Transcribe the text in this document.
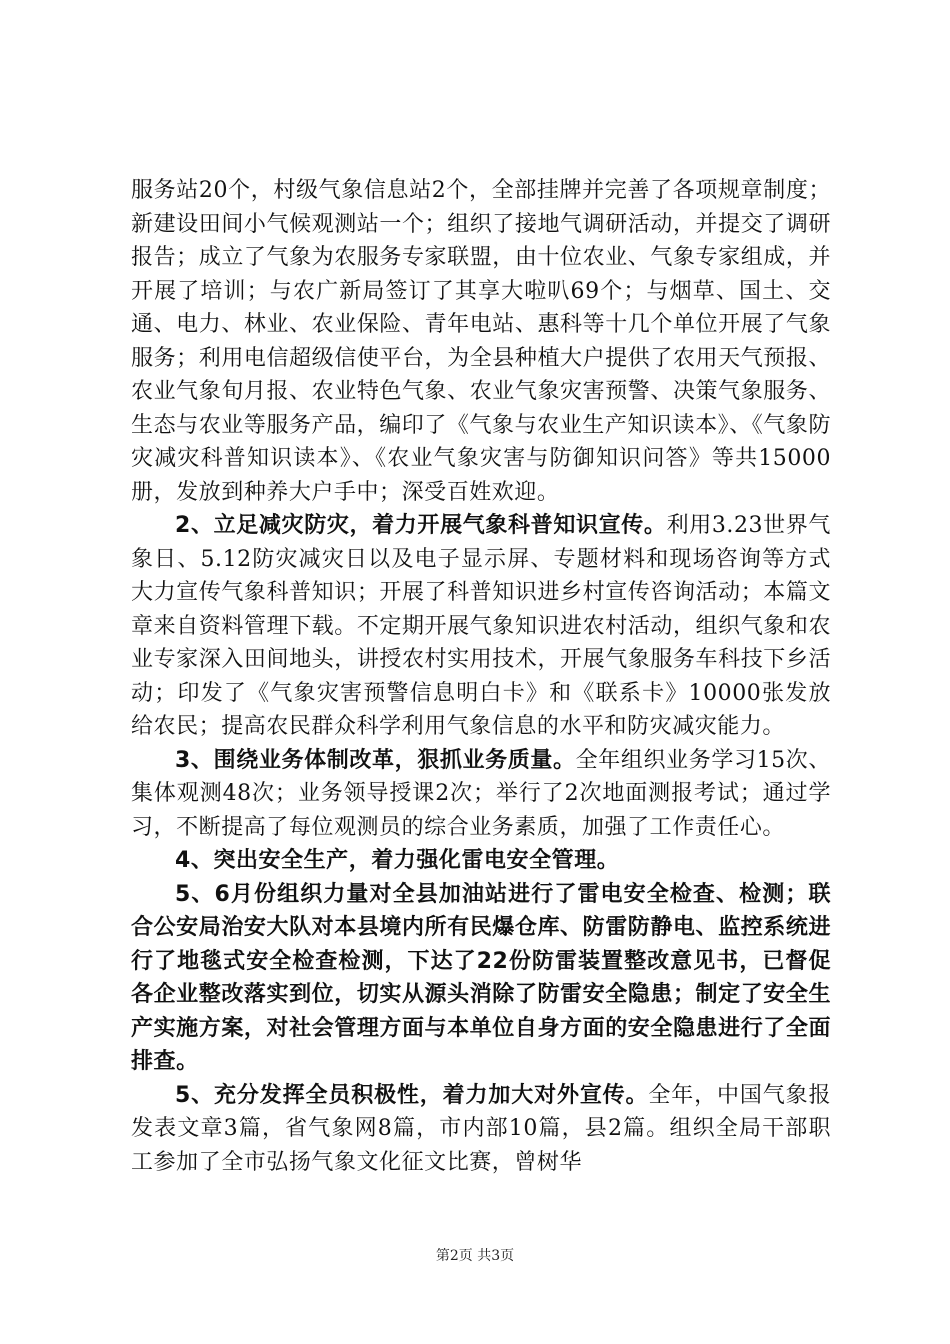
服务站20个，村级气象信息站2个，全部挂牌并完善了各项规章制度；新建设田间小气候观测站一个；组织了接地气调研活动，并提交了调研报告；成立了气象为农服务专家联盟，由十位农业、气象专家组成，并开展了培训；与农广新局签订了其享大啦叭69个；与烟草、国土、交通、电力、林业、农业保险、青年电站、惠科等十几个单位开展了气象服务；利用电信超级信使平台，为全县种植大户提供了农用天气预报、农业气象旬月报、农业特色气象、农业气象灾害预警、决策气象服务、生态与农业等服务产品，编印了《气象与农业生产知识读本》、《气象防灾减灾科普知识读本》、《农业气象灾害与防御知识问答》等共15000册，发放到种养大户手中；深受百姓欢迎。

2、立足减灾防灾，着力开展气象科普知识宣传。利用3.23世界气象日、5.12防灾减灾日以及电子显示屏、专题材料和现场咨询等方式大力宣传气象科普知识；开展了科普知识进乡村宣传咨询活动；本篇文章来自资料管理下载。不定期开展气象知识进农村活动，组织气象和农业专家深入田间地头，讲授农村实用技术，开展气象服务车科技下乡活动；印发了《气象灾害预警信息明白卡》和《联系卡》10000张发放给农民；提高农民群众科学利用气象信息的水平和防灾减灾能力。

3、围绕业务体制改革，狠抓业务质量。全年组织业务学习15次、集体观测48次；业务领导授课2次；举行了2次地面测报考试；通过学习，不断提高了每位观测员的综合业务素质，加强了工作责任心。

4、突出安全生产，着力强化雷电安全管理。

5、6月份组织力量对全县加油站进行了雷电安全检查、检测；联合公安局治安大队对本县境内所有民爆仓库、防雷防静电、监控系统进行了地毯式安全检查检测，下达了22份防雷装置整改意见书，已督促各企业整改落实到位，切实从源头消除了防雷安全隐患；制定了安全生产实施方案，对社会管理方面与本单位自身方面的安全隐患进行了全面排查。

5、充分发挥全员积极性，着力加大对外宣传。全年，中国气象报发表文章3篇，省气象网8篇，市内部10篇，县2篇。组织全局干部职工参加了全市弘扬气象文化征文比赛，曾树华

第2页 共3页
